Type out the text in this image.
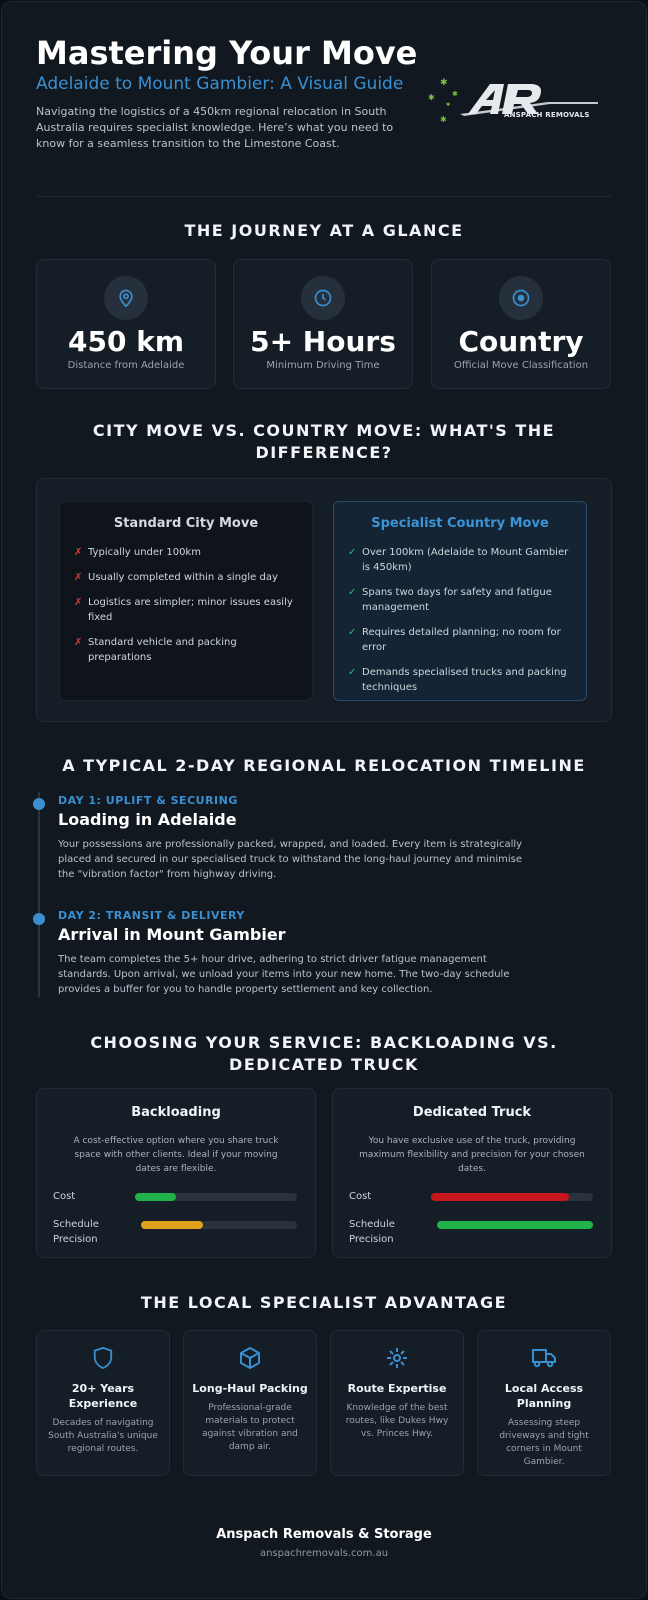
Mastering Your Move
Adelaide to Mount Gambier: A Visual Guide

Navigating the logistics of a 450km regional relocation in South Australia requires specialist knowledge. Here’s what you need to know for a seamless transition to the Limestone Coast.

✱
✱ ✱
✱
✱	ANSPACH REMOVALS
THE JOURNEY AT A GLANCE
450 km
Distance from Adelaide
5+ Hours
Minimum Driving Time
Country
Official Move Classification
CITY MOVE VS. COUNTRY MOVE: WHAT'S THE DIFFERENCE?
Standard City Move
✗ Typically under 100km
✗ Usually completed within a single day
✗ Logistics are simpler; minor issues easily fixed
✗ Standard vehicle and packing preparations
Specialist Country Move
✓ Over 100km (Adelaide to Mount Gambier is 450km)
✓ Spans two days for safety and fatigue management
✓ Requires detailed planning; no room for error
✓ Demands specialised trucks and packing techniques
A TYPICAL 2-DAY REGIONAL RELOCATION TIMELINE
DAY 1: UPLIFT & SECURING
Loading in Adelaide

Your possessions are professionally packed, wrapped, and loaded. Every item is strategically placed and secured in our specialised truck to withstand the long-haul journey and minimise the "vibration factor" from highway driving.

DAY 2: TRANSIT & DELIVERY
Arrival in Mount Gambier

The team completes the 5+ hour drive, adhering to strict driver fatigue management standards. Upon arrival, we unload your items into your new home. The two-day schedule provides a buffer for you to handle property settlement and key collection.

CHOOSING YOUR SERVICE: BACKLOADING VS. DEDICATED TRUCK
Backloading

A cost-effective option where you share truck space with other clients. Ideal if your moving dates are flexible.

Cost
Schedule Precision
Dedicated Truck

You have exclusive use of the truck, providing maximum flexibility and precision for your chosen dates.

Cost
Schedule Precision
THE LOCAL SPECIALIST ADVANTAGE
20+ Years Experience

Decades of navigating South Australia's unique regional routes.

Long-Haul Packing

Professional-grade materials to protect against vibration and damp air.

Route Expertise

Knowledge of the best routes, like Dukes Hwy vs. Princes Hwy.

Local Access Planning

Assessing steep driveways and tight corners in Mount Gambier.

Anspach Removals & Storage
anspachremovals.com.au
